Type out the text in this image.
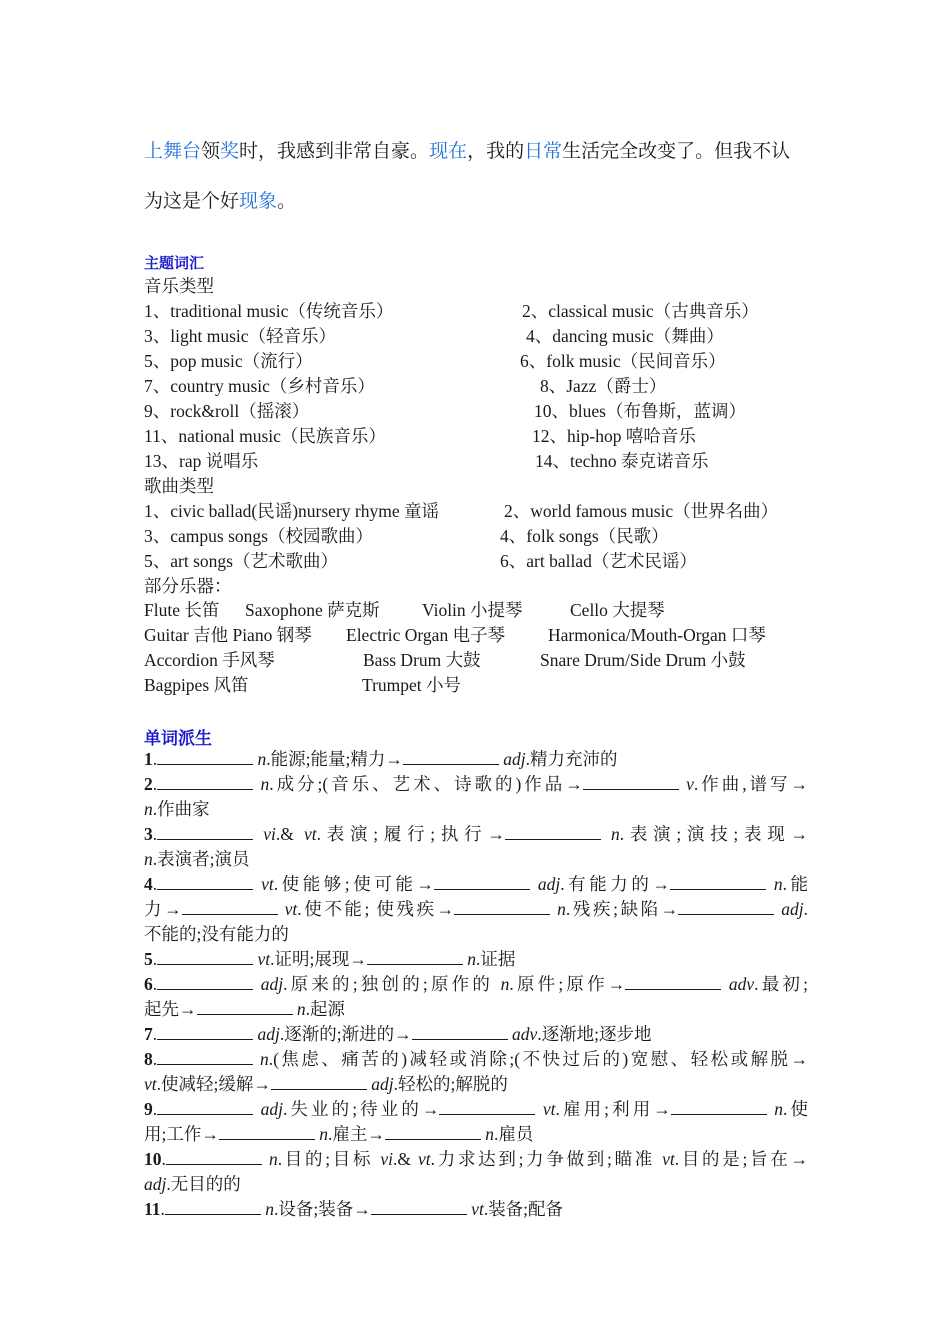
上舞台领奖时，我感到非常自豪。现在，我的日常生活完全改变了。但我不认
为这是个好现象。
主题词汇
音乐类型
1、traditional music（传统音乐）	2、classical music（古典音乐）
3、light music（轻音乐）	4、dancing music（舞曲）
5、pop music（流行）	6、folk music（民间音乐）
7、country music（乡村音乐）	8、Jazz（爵士）
9、rock&roll（摇滚）	10、blues（布鲁斯，蓝调）
11、national music（民族音乐）	12、hip-hop 嘻哈音乐
13、rap 说唱乐	14、techno 泰克诺音乐
歌曲类型
1、civic ballad(民谣)nursery rhyme 童谣	2、world famous music（世界名曲）
3、campus songs（校园歌曲）	4、folk songs（民歌）
5、art songs（艺术歌曲）	6、art ballad（艺术民谣）
部分乐器：
Flute 长笛 Saxophone 萨克斯 Violin 小提琴	Cello 大提琴
Guitar 吉他 Piano 钢琴 Electric Organ 电子琴 Harmonica/Mouth-Organ 口琴
Accordion 手风琴	Bass Drum 大鼓	Snare Drum/Side Drum 小鼓
Bagpipes 风笛	Trumpet 小号
单词派生
1.	n.能源;能量;精力→	adj.精力充沛的
2.	n.成分;(音乐、艺术、诗歌的)作品→	v.作曲,谱写→
n.作曲家
3.	vi.& vt.表演;履行;执行→	n.表演;演技;表现→
n.表演者;演员
4.	vt.使能够;使可能→	adj.有能力的→	n.能
力→	vt.使不能; 使残疾→	n.残疾;缺陷→	adj.
不能的;没有能力的
5.	vt.证明;展现→	n.证据
6.	adj.原来的;独创的;原作的 n.原件;原作→	adv.最初;
起先→	n.起源
7.	adj.逐渐的;渐进的→	adv.逐渐地;逐步地
8.	n.(焦虑、痛苦的)减轻或消除;(不快过后的)宽慰、轻松或解脱→
vt.使减轻;缓解→	adj.轻松的;解脱的
9.	adj.失业的;待业的→	vt.雇用;利用→	n.使
用;工作→	n.雇主→	n.雇员
10.	n.目的;目标 vi.& vt.力求达到;力争做到;瞄准 vt.目的是;旨在→
adj.无目的的
11.	n.设备;装备→	vt.装备;配备
